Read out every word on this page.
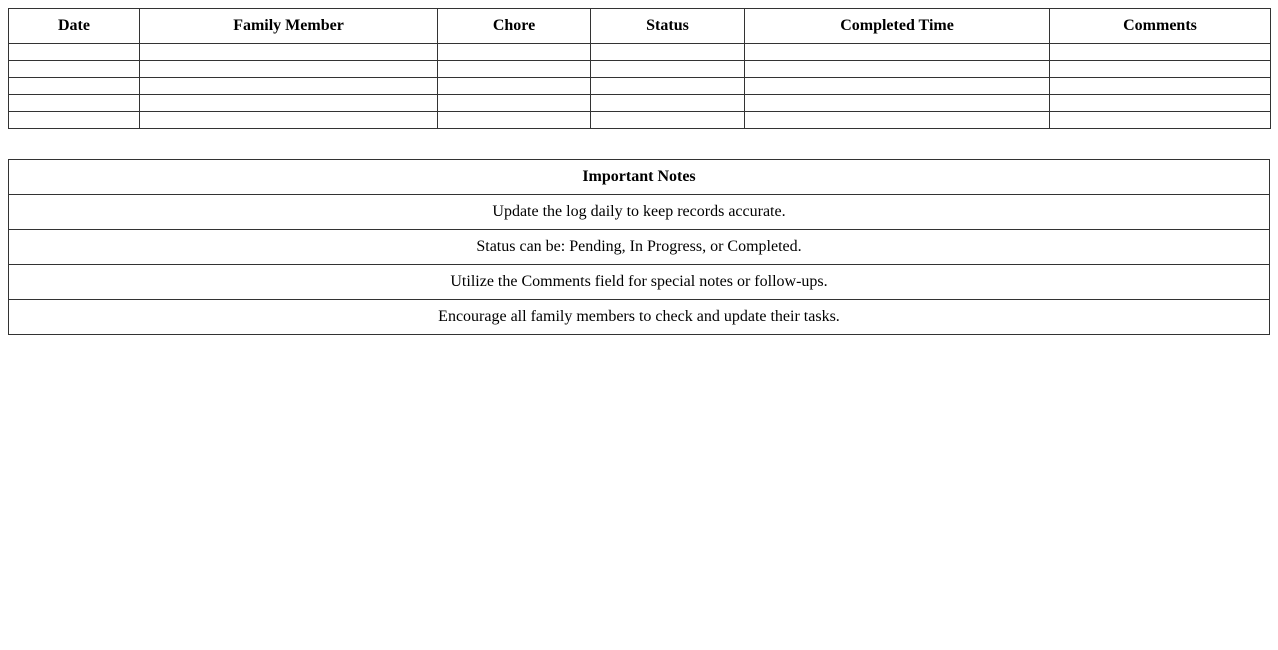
Date	Family Member	Chore	Status	Completed Time	Comments

Important Notes
Update the log daily to keep records accurate.
Status can be: Pending, In Progress, or Completed.
Utilize the Comments field for special notes or follow-ups.
Encourage all family members to check and update their tasks.
